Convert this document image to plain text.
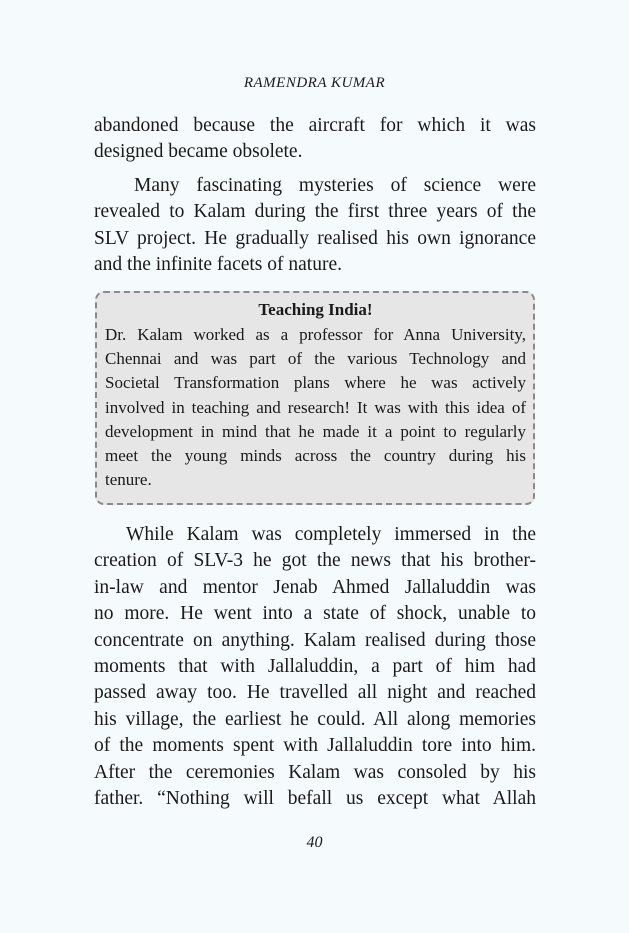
RAMENDRA KUMAR
abandoned because the aircraft for which it was
designed became obsolete.
Many fascinating mysteries of science were
revealed to Kalam during the first three years of the
SLV project. He gradually realised his own ignorance
and the infinite facets of nature.
Teaching India!
Dr. Kalam worked as a professor for Anna University,
Chennai and was part of the various Technology and
Societal Transformation plans where he was actively
involved in teaching and research! It was with this idea of
development in mind that he made it a point to regularly
meet the young minds across the country during his
tenure.
While Kalam was completely immersed in the
creation of SLV-3 he got the news that his brother-
in-law and mentor Jenab Ahmed Jallaluddin was
no more. He went into a state of shock, unable to
concentrate on anything. Kalam realised during those
moments that with Jallaluddin, a part of him had
passed away too. He travelled all night and reached
his village, the earliest he could. All along memories
of the moments spent with Jallaluddin tore into him.
After the ceremonies Kalam was consoled by his
father. “Nothing will befall us except what Allah
40
